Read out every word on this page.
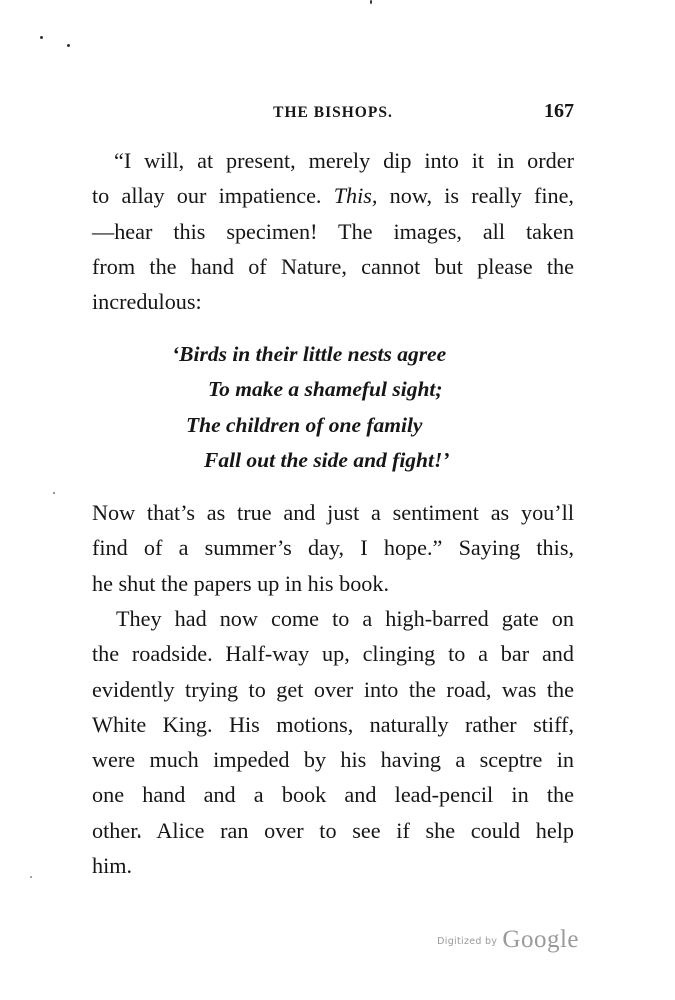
THE BISHOPS.	167

“I will, at present, merely dip into it in order
to allay our impatience. This, now, is really fine,
—hear this specimen! The images, all taken
from the hand of Nature, cannot but please the
incredulous:

‘Birds in their little nests agree
To make a shameful sight;
The children of one family
Fall out the side and fight!’

Now that’s as true and just a sentiment as you’ll
find of a summer’s day, I hope.” Saying this,
he shut the papers up in his book.

They had now come to a high-barred gate on
the roadside. Half-way up, clinging to a bar and
evidently trying to get over into the road, was the
White King. His motions, naturally rather stiff,
were much impeded by his having a sceptre in
one hand and a book and lead-pencil in the
other. Alice ran over to see if she could help
him.

Digitized by Google
